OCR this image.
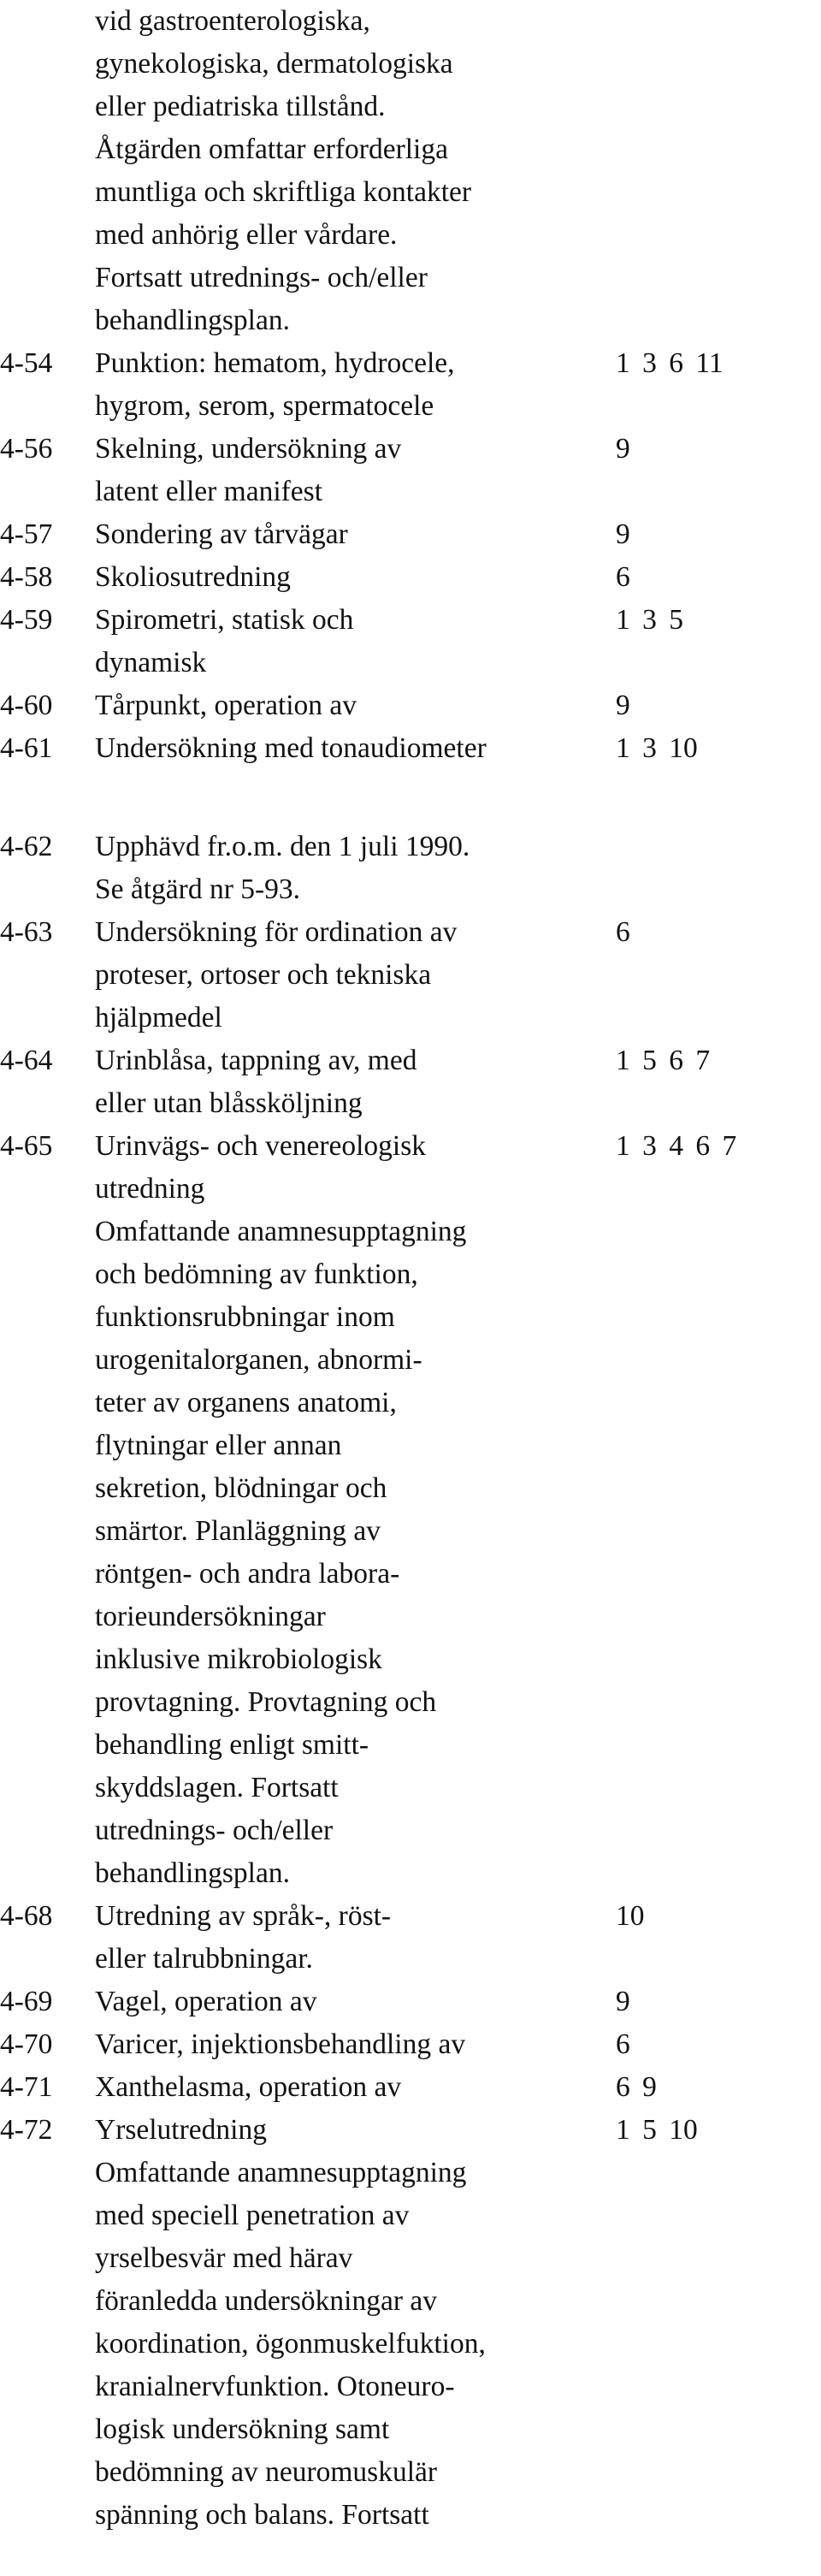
vid gastroenterologiska,
gynekologiska, dermatologiska
eller pediatriska tillstånd.
Åtgärden omfattar erforderliga
muntliga och skriftliga kontakter
med anhörig eller vårdare.
Fortsatt utrednings- och/eller
behandlingsplan.
4-54 Punktion: hematom, hydrocele,	1 3 6 11
hygrom, serom, spermatocele
4-56 Skelning, undersökning av	9
latent eller manifest
4-57 Sondering av tårvägar	9
4-58 Skoliosutredning	6
4-59 Spirometri, statisk och	1 3 5
dynamisk
4-60 Tårpunkt, operation av	9
4-61 Undersökning med tonaudiometer	1 3 10
4-62 Upphävd fr.o.m. den 1 juli 1990.
Se åtgärd nr 5-93.
4-63 Undersökning för ordination av	6
proteser, ortoser och tekniska
hjälpmedel
4-64 Urinblåsa, tappning av, med	1 5 6 7
eller utan blåssköljning
4-65 Urinvägs- och venereologisk	1 3 4 6 7
utredning
Omfattande anamnesupptagning
och bedömning av funktion,
funktionsrubbningar inom
urogenitalorganen, abnormi-
teter av organens anatomi,
flytningar eller annan
sekretion, blödningar och
smärtor. Planläggning av
röntgen- och andra labora-
torieundersökningar
inklusive mikrobiologisk
provtagning. Provtagning och
behandling enligt smitt-
skyddslagen. Fortsatt
utrednings- och/eller
behandlingsplan.
4-68 Utredning av språk-, röst-	10
eller talrubbningar.
4-69 Vagel, operation av	9
4-70 Varicer, injektionsbehandling av	6
4-71 Xanthelasma, operation av	6 9
4-72 Yrselutredning	1 5 10
Omfattande anamnesupptagning
med speciell penetration av
yrselbesvär med härav
föranledda undersökningar av
koordination, ögonmuskelfuktion,
kranialnervfunktion. Otoneuro-
logisk undersökning samt
bedömning av neuromuskulär
spänning och balans. Fortsatt
